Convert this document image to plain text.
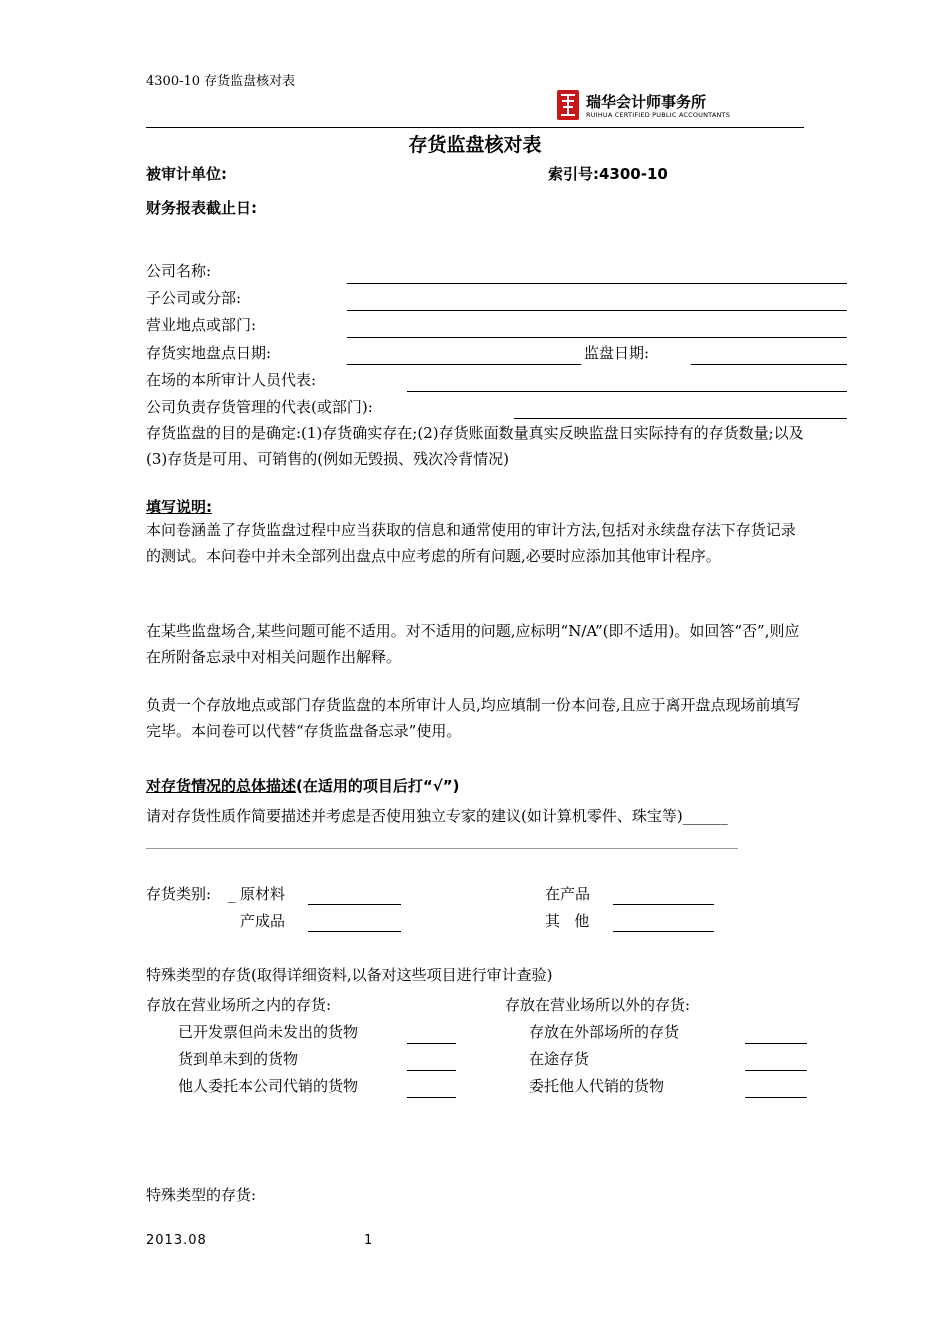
4300-10 存货监盘核对表
瑞华会计师事务所
RUIHUA CERTIFIED PUBLIC ACCOUNTANTS
存货监盘核对表
被审计单位:	索引号:4300-10
财务报表截止日:
公司名称:
子公司或分部:
营业地点或部门:
存货实地盘点日期:	监盘日期:
在场的本所审计人员代表:
公司负责存货管理的代表(或部门):
存货监盘的目的是确定:(1)存货确实存在;(2)存货账面数量真实反映监盘日实际持有的存货数量;以及(3)存货是可用、可销售的(例如无毁损、残次冷背情况)
填写说明:
本问卷涵盖了存货监盘过程中应当获取的信息和通常使用的审计方法,包括对永续盘存法下存货记录的测试。本问卷中并未全部列出盘点中应考虑的所有问题,必要时应添加其他审计程序。
在某些监盘场合,某些问题可能不适用。对不适用的问题,应标明“N/A”(即不适用)。如回答“否”,则应在所附备忘录中对相关问题作出解释。
负责一个存放地点或部门存货监盘的本所审计人员,均应填制一份本问卷,且应于离开盘点现场前填写完毕。本问卷可以代替“存货监盘备忘录”使用。
对存货情况的总体描述(在适用的项目后打“√”)
请对存货性质作简要描述并考虑是否使用独立专家的建议(如计算机零件、珠宝等)______
存货类别: _ 原材料	在产品
产成品	其   他
特殊类型的存货(取得详细资料,以备对这些项目进行审计查验)
存放在营业场所之内的存货:	存放在营业场所以外的存货:
已开发票但尚未发出的货物	存放在外部场所的存货
货到单未到的货物	在途存货
他人委托本公司代销的货物	委托他人代销的货物
特殊类型的存货:
2013.08	1
